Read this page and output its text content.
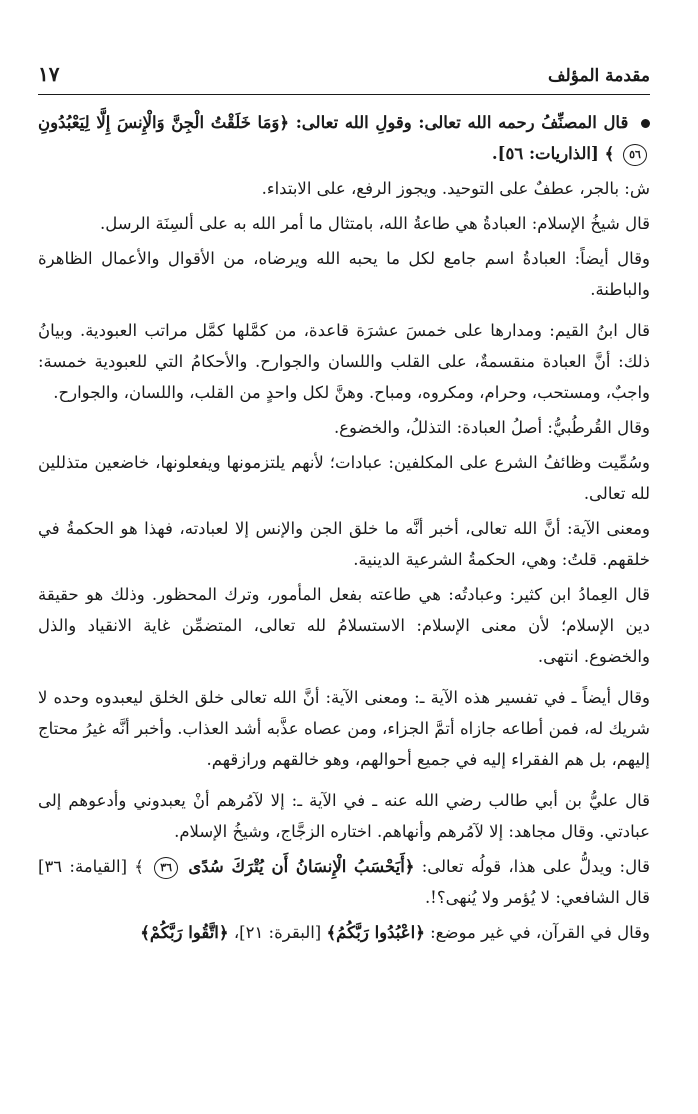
مقدمة المؤلف
١٧

قال المصنِّفُ رحمه الله تعالى: وقولِ الله تعالى: ﴿وَمَا خَلَقْتُ الْجِنَّ وَالْإِنسَ إِلَّا لِيَعْبُدُونِ ٥٦ ﴾ [الذاريات: ٥٦].

ش: بالجر، عطفٌ على التوحيد. ويجوز الرفع، على الابتداء.

قال شيخُ الإسلام: العبادةُ هي طاعةُ الله، بامتثال ما أمر الله به على ألسِنَة الرسل.

وقال أيضاً: العبادةُ اسم جامع لكل ما يحبه الله ويرضاه، من الأقوال والأعمال الظاهرة والباطنة.

قال ابنُ القيم: ومدارها على خمسَ عشرَة قاعدة، من كمَّلها كمَّل مراتب العبودية. وبيانُ ذلك: أنَّ العبادة منقسمةٌ، على القلب واللسان والجوارح. والأحكامُ التي للعبودية خمسة: واجبٌ، ومستحب، وحرام، ومكروه، ومباح. وهنَّ لكل واحدٍ من القلب، واللسان، والجوارح.

وقال القُرطُبيُّ: أصلُ العبادة: التذللُ، والخضوع.

وسُمِّيت وظائفُ الشرع على المكلفين: عبادات؛ لأنهم يلتزمونها ويفعلونها، خاضعين متذللين لله تعالى.

ومعنى الآية: أنَّ الله تعالى، أخبر أنَّه ما خلق الجن والإنس إلا لعبادته، فهذا هو الحكمةُ في خلقهم. قلتُ: وهي، الحكمةُ الشرعية الدينية.

قال العِمادُ ابن كثير: وعبادتُه: هي طاعته بفعل المأمور، وترك المحظور. وذلك هو حقيقة دين الإسلام؛ لأن معنى الإسلام: الاستسلامُ لله تعالى، المتضمِّن غاية الانقياد والذل والخضوع. انتهى.

وقال أيضاً ـ في تفسير هذه الآية ـ: ومعنى الآية: أنَّ الله تعالى خلق الخلق ليعبدوه وحده لا شريك له، فمن أطاعه جازاه أتمَّ الجزاء، ومن عصاه عذَّبه أشد العذاب. وأخبر أنَّه غيرُ محتاج إليهم، بل هم الفقراء إليه في جميع أحوالهم، وهو خالقهم ورازقهم.

قال عليُّ بن أبي طالب رضي الله عنه ـ في الآية ـ: إلا لآمُرهم أنْ يعبدوني وأدعوهم إلى عبادتي. وقال مجاهد: إلا لآمُرهم وأنهاهم. اختاره الزجَّاج، وشيخُ الإسلام.

قال: ويدلُّ على هذا، قولُه تعالى: ﴿أَيَحْسَبُ الْإِنسَانُ أَن يُتْرَكَ سُدًى ٣٦ ﴾ [القيامة: ٣٦] قال الشافعي: لا يُؤمر ولا يُنهى؟!.

وقال في القرآن، في غير موضع: ﴿اعْبُدُوا رَبَّكُمُ﴾ [البقرة: ٢١]، ﴿اتَّقُوا رَبَّكُمْ﴾
